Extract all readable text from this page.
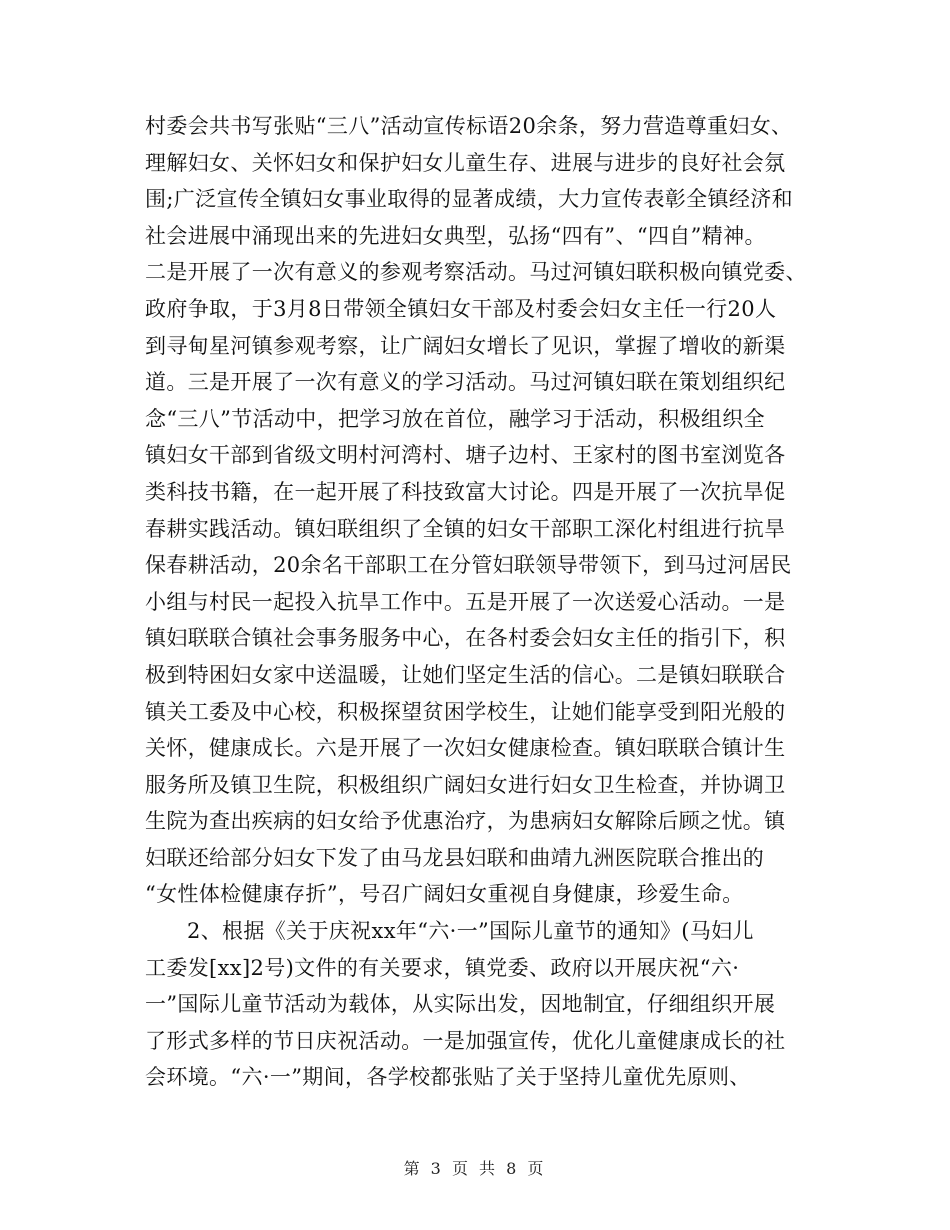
村委会共书写张贴“三八”活动宣传标语20余条，努力营造尊重妇女、
理解妇女、关怀妇女和保护妇女儿童生存、进展与进步的良好社会氛
围;广泛宣传全镇妇女事业取得的显著成绩，大力宣传表彰全镇经济和
社会进展中涌现出来的先进妇女典型，弘扬“四有”、“四自”精神。
二是开展了一次有意义的参观考察活动。马过河镇妇联积极向镇党委、
政府争取，于3月8日带领全镇妇女干部及村委会妇女主任一行20人
到寻甸星河镇参观考察，让广阔妇女增长了见识，掌握了增收的新渠
道。三是开展了一次有意义的学习活动。马过河镇妇联在策划组织纪
念“三八”节活动中，把学习放在首位，融学习于活动，积极组织全
镇妇女干部到省级文明村河湾村、塘子边村、王家村的图书室浏览各
类科技书籍，在一起开展了科技致富大讨论。四是开展了一次抗旱促
春耕实践活动。镇妇联组织了全镇的妇女干部职工深化村组进行抗旱
保春耕活动，20余名干部职工在分管妇联领导带领下，到马过河居民
小组与村民一起投入抗旱工作中。五是开展了一次送爱心活动。一是
镇妇联联合镇社会事务服务中心，在各村委会妇女主任的指引下，积
极到特困妇女家中送温暖，让她们坚定生活的信心。二是镇妇联联合
镇关工委及中心校，积极探望贫困学校生，让她们能享受到阳光般的
关怀，健康成长。六是开展了一次妇女健康检查。镇妇联联合镇计生
服务所及镇卫生院，积极组织广阔妇女进行妇女卫生检查，并协调卫
生院为查出疾病的妇女给予优惠治疗，为患病妇女解除后顾之忧。镇
妇联还给部分妇女下发了由马龙县妇联和曲靖九洲医院联合推出的
“女性体检健康存折”，号召广阔妇女重视自身健康，珍爱生命。
2、根据《关于庆祝xx年“六·一”国际儿童节的通知》(马妇儿
工委发[xx]2号)文件的有关要求，镇党委、政府以开展庆祝“六·
一”国际儿童节活动为载体，从实际出发，因地制宜，仔细组织开展
了形式多样的节日庆祝活动。一是加强宣传，优化儿童健康成长的社
会环境。“六·一”期间，各学校都张贴了关于坚持儿童优先原则、
第 3 页 共 8 页
